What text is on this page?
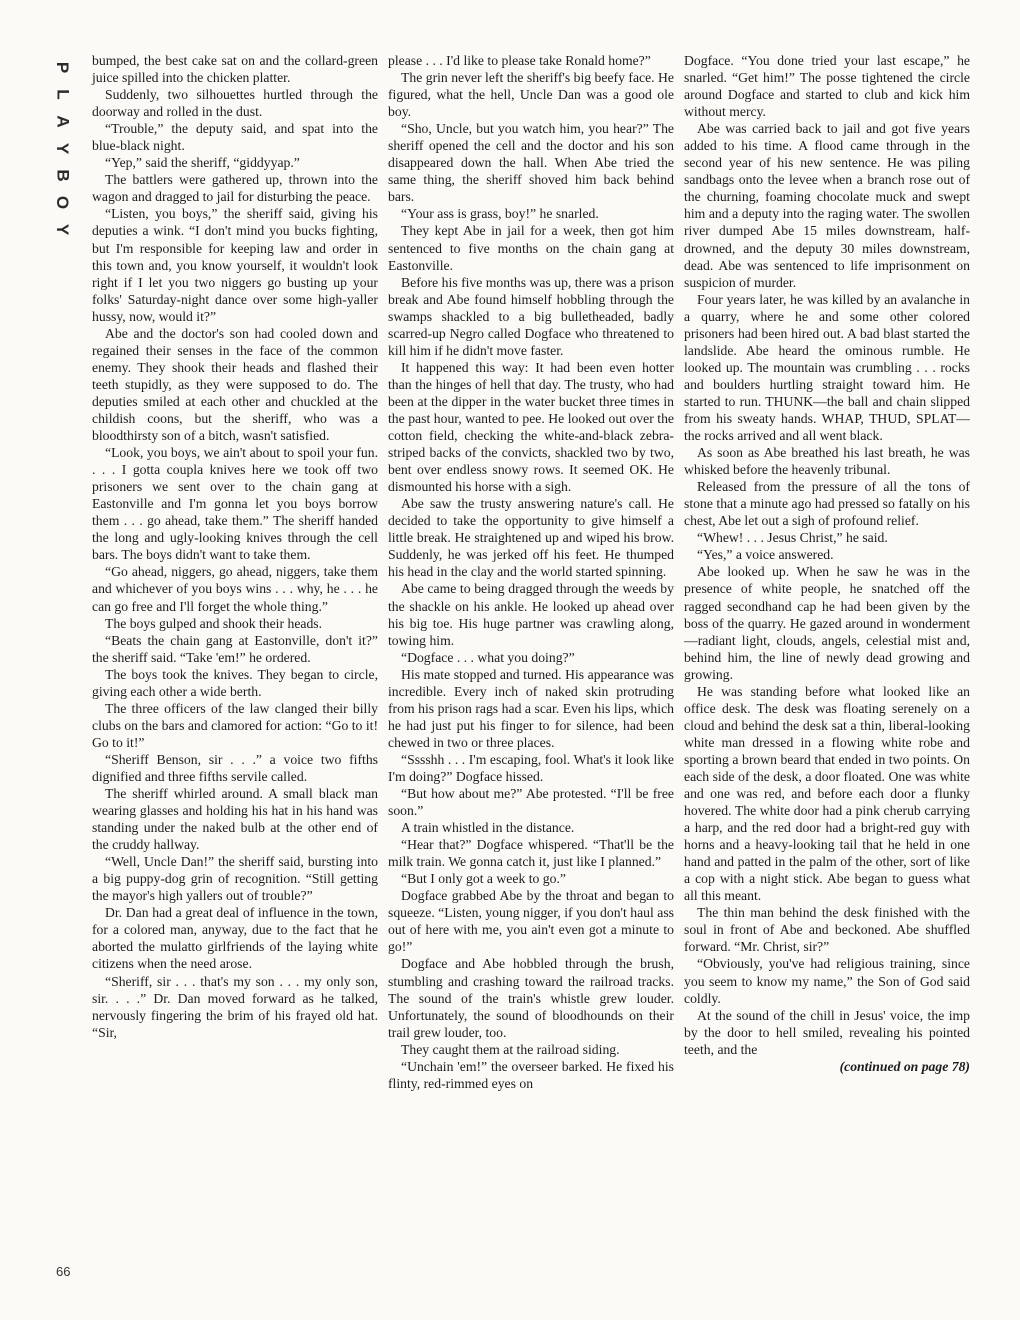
P
L
A
Y
B
O
Y

bumped, the best cake sat on and the collard-green juice spilled into the chicken platter.

Suddenly, two silhouettes hurtled through the doorway and rolled in the dust.

“Trouble,” the deputy said, and spat into the blue-black night.

“Yep,” said the sheriff, “giddyyap.”

The battlers were gathered up, thrown into the wagon and dragged to jail for disturbing the peace.

“Listen, you boys,” the sheriff said, giving his deputies a wink. “I don't mind you bucks fighting, but I'm responsible for keeping law and order in this town and, you know yourself, it wouldn't look right if I let you two niggers go busting up your folks' Saturday-night dance over some high-yaller hussy, now, would it?”

Abe and the doctor's son had cooled down and regained their senses in the face of the common enemy. They shook their heads and flashed their teeth stupidly, as they were supposed to do. The deputies smiled at each other and chuckled at the childish coons, but the sheriff, who was a bloodthirsty son of a bitch, wasn't satisfied.

“Look, you boys, we ain't about to spoil your fun. . . . I gotta coupla knives here we took off two prisoners we sent over to the chain gang at Eastonville and I'm gonna let you boys borrow them . . . go ahead, take them.” The sheriff handed the long and ugly-looking knives through the cell bars. The boys didn't want to take them.

“Go ahead, niggers, go ahead, niggers, take them and whichever of you boys wins . . . why, he . . . he can go free and I'll forget the whole thing.”

The boys gulped and shook their heads.

“Beats the chain gang at Eastonville, don't it?” the sheriff said. “Take 'em!” he ordered.

The boys took the knives. They began to circle, giving each other a wide berth.

The three officers of the law clanged their billy clubs on the bars and clamored for action: “Go to it! Go to it!”

“Sheriff Benson, sir . . .” a voice two fifths dignified and three fifths servile called.

The sheriff whirled around. A small black man wearing glasses and holding his hat in his hand was standing under the naked bulb at the other end of the cruddy hallway.

“Well, Uncle Dan!” the sheriff said, bursting into a big puppy-dog grin of recognition. “Still getting the mayor's high yallers out of trouble?”

Dr. Dan had a great deal of influence in the town, for a colored man, anyway, due to the fact that he aborted the mulatto girlfriends of the laying white citizens when the need arose.

“Sheriff, sir . . . that's my son . . . my only son, sir. . . .” Dr. Dan moved forward as he talked, nervously fingering the brim of his frayed old hat. “Sir,

please . . . I'd like to please take Ronald home?”

The grin never left the sheriff's big beefy face. He figured, what the hell, Uncle Dan was a good ole boy.

“Sho, Uncle, but you watch him, you hear?” The sheriff opened the cell and the doctor and his son disappeared down the hall. When Abe tried the same thing, the sheriff shoved him back behind bars.

“Your ass is grass, boy!” he snarled.

They kept Abe in jail for a week, then got him sentenced to five months on the chain gang at Eastonville.

Before his five months was up, there was a prison break and Abe found himself hobbling through the swamps shackled to a big bulletheaded, badly scarred-up Negro called Dogface who threatened to kill him if he didn't move faster.

It happened this way: It had been even hotter than the hinges of hell that day. The trusty, who had been at the dipper in the water bucket three times in the past hour, wanted to pee. He looked out over the cotton field, checking the white-and-black zebra-striped backs of the convicts, shackled two by two, bent over endless snowy rows. It seemed OK. He dismounted his horse with a sigh.

Abe saw the trusty answering nature's call. He decided to take the opportunity to give himself a little break. He straightened up and wiped his brow. Suddenly, he was jerked off his feet. He thumped his head in the clay and the world started spinning.

Abe came to being dragged through the weeds by the shackle on his ankle. He looked up ahead over his big toe. His huge partner was crawling along, towing him.

“Dogface . . . what you doing?”

His mate stopped and turned. His appearance was incredible. Every inch of naked skin protruding from his prison rags had a scar. Even his lips, which he had just put his finger to for silence, had been chewed in two or three places.

“Sssshh . . . I'm escaping, fool. What's it look like I'm doing?” Dogface hissed.

“But how about me?” Abe protested. “I'll be free soon.”

A train whistled in the distance.

“Hear that?” Dogface whispered. “That'll be the milk train. We gonna catch it, just like I planned.”

“But I only got a week to go.”

Dogface grabbed Abe by the throat and began to squeeze. “Listen, young nigger, if you don't haul ass out of here with me, you ain't even got a minute to go!”

Dogface and Abe hobbled through the brush, stumbling and crashing toward the railroad tracks. The sound of the train's whistle grew louder. Unfortunately, the sound of bloodhounds on their trail grew louder, too.

They caught them at the railroad siding.

“Unchain 'em!” the overseer barked. He fixed his flinty, red-rimmed eyes on

Dogface. “You done tried your last escape,” he snarled. “Get him!” The posse tightened the circle around Dogface and started to club and kick him without mercy.

Abe was carried back to jail and got five years added to his time. A flood came through in the second year of his new sentence. He was piling sandbags onto the levee when a branch rose out of the churning, foaming chocolate muck and swept him and a deputy into the raging water. The swollen river dumped Abe 15 miles downstream, half-drowned, and the deputy 30 miles downstream, dead. Abe was sentenced to life imprisonment on suspicion of murder.

Four years later, he was killed by an avalanche in a quarry, where he and some other colored prisoners had been hired out. A bad blast started the landslide. Abe heard the ominous rumble. He looked up. The mountain was crumbling . . . rocks and boulders hurtling straight toward him. He started to run. THUNK—the ball and chain slipped from his sweaty hands. WHAP, THUD, SPLAT—the rocks arrived and all went black.

As soon as Abe breathed his last breath, he was whisked before the heavenly tribunal.

Released from the pressure of all the tons of stone that a minute ago had pressed so fatally on his chest, Abe let out a sigh of profound relief.

“Whew! . . . Jesus Christ,” he said.

“Yes,” a voice answered.

Abe looked up. When he saw he was in the presence of white people, he snatched off the ragged secondhand cap he had been given by the boss of the quarry. He gazed around in wonderment—radiant light, clouds, angels, celestial mist and, behind him, the line of newly dead growing and growing.

He was standing before what looked like an office desk. The desk was floating serenely on a cloud and behind the desk sat a thin, liberal-looking white man dressed in a flowing white robe and sporting a brown beard that ended in two points. On each side of the desk, a door floated. One was white and one was red, and before each door a flunky hovered. The white door had a pink cherub carrying a harp, and the red door had a bright-red guy with horns and a heavy-looking tail that he held in one hand and patted in the palm of the other, sort of like a cop with a night stick. Abe began to guess what all this meant.

The thin man behind the desk finished with the soul in front of Abe and beckoned. Abe shuffled forward. “Mr. Christ, sir?”

“Obviously, you've had religious training, since you seem to know my name,” the Son of God said coldly.

At the sound of the chill in Jesus' voice, the imp by the door to hell smiled, revealing his pointed teeth, and the

(continued on page 78)

66
